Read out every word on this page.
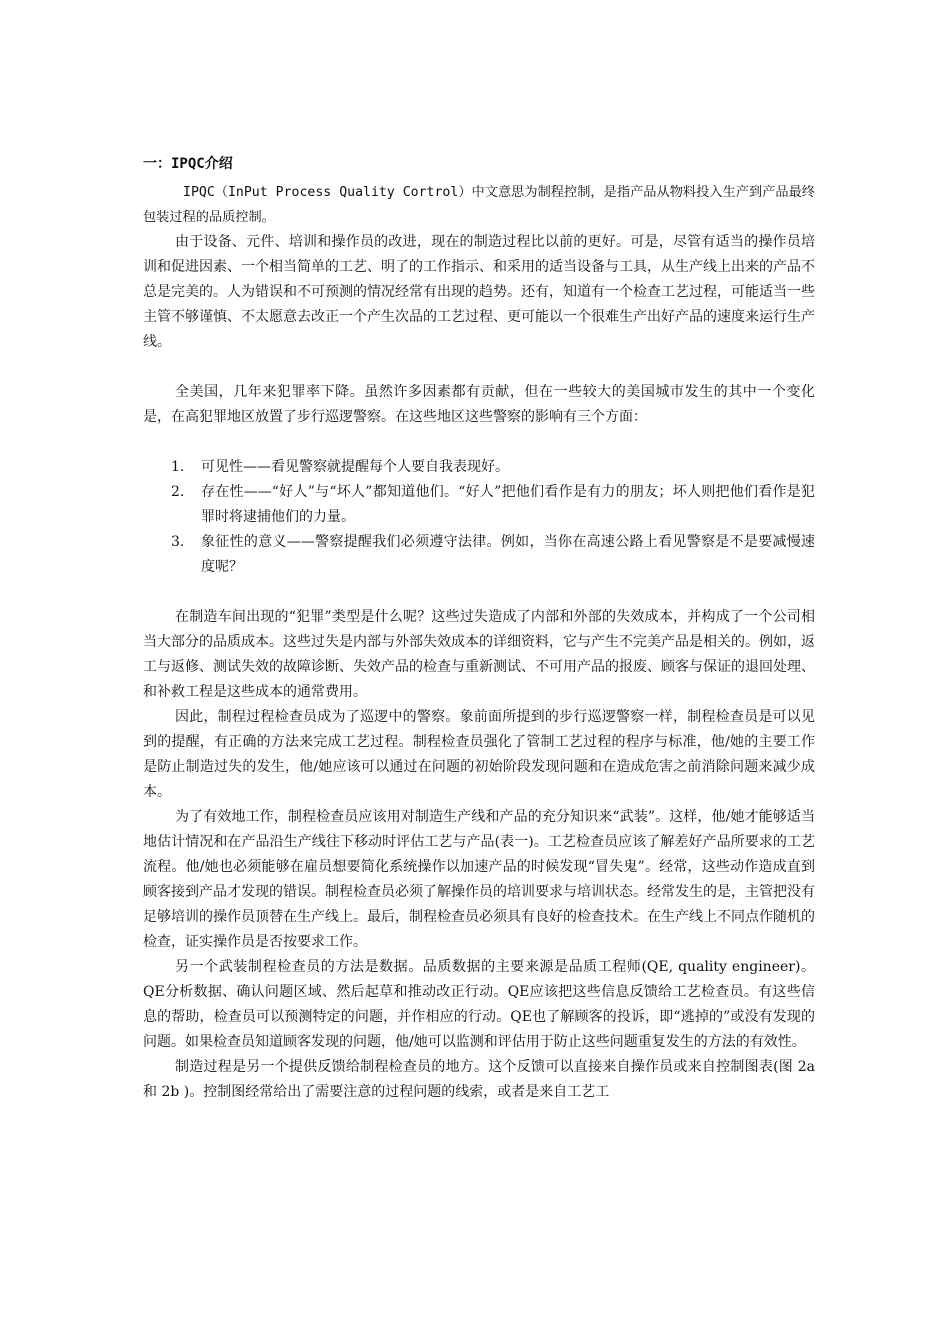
一：IPQC介绍

IPQC（InPut Process Quality Cortrol）中文意思为制程控制，是指产品从物料投入生产到产品最终包装过程的品质控制。

由于设备、元件、培训和操作员的改进，现在的制造过程比以前的更好。可是，尽管有适当的操作员培训和促进因素、一个相当简单的工艺、明了的工作指示、和采用的适当设备与工具，从生产线上出来的产品不总是完美的。人为错误和不可预测的情况经常有出现的趋势。还有，知道有一个检查工艺过程，可能适当一些主管不够谨慎、不太愿意去改正一个产生次品的工艺过程、更可能以一个很难生产出好产品的速度来运行生产线。

全美国，几年来犯罪率下降。虽然许多因素都有贡献，但在一些较大的美国城市发生的其中一个变化是，在高犯罪地区放置了步行巡逻警察。在这些地区这些警察的影响有三个方面：

1. 可见性——看见警察就提醒每个人要自我表现好。
2. 存在性——“好人”与“坏人”都知道他们。“好人”把他们看作是有力的朋友；坏人则把他们看作是犯罪时将逮捕他们的力量。
3. 象征性的意义——警察提醒我们必须遵守法律。例如，当你在高速公路上看见警察是不是要减慢速度呢？

在制造车间出现的“犯罪”类型是什么呢？这些过失造成了内部和外部的失效成本，并构成了一个公司相当大部分的品质成本。这些过失是内部与外部失效成本的详细资料，它与产生不完美产品是相关的。例如，返工与返修、测试失效的故障诊断、失效产品的检查与重新测试、不可用产品的报废、顾客与保证的退回处理、和补救工程是这些成本的通常费用。

因此，制程过程检查员成为了巡逻中的警察。象前面所提到的步行巡逻警察一样，制程检查员是可以见到的提醒，有正确的方法来完成工艺过程。制程检查员强化了管制工艺过程的程序与标准，他/她的主要工作是防止制造过失的发生，他/她应该可以通过在问题的初始阶段发现问题和在造成危害之前消除问题来减少成本。

为了有效地工作，制程检查员应该用对制造生产线和产品的充分知识来“武装”。这样，他/她才能够适当地估计情况和在产品沿生产线往下移动时评估工艺与产品(表一)。工艺检查员应该了解差好产品所要求的工艺流程。他/她也必须能够在雇员想要简化系统操作以加速产品的时候发现“冒失鬼”。经常，这些动作造成直到顾客接到产品才发现的错误。制程检查员必须了解操作员的培训要求与培训状态。经常发生的是，主管把没有足够培训的操作员顶替在生产线上。最后，制程检查员必须具有良好的检查技术。在生产线上不同点作随机的检查，证实操作员是否按要求工作。

另一个武装制程检查员的方法是数据。品质数据的主要来源是品质工程师(QE, quality engineer)。QE分析数据、确认问题区域、然后起草和推动改正行动。QE应该把这些信息反馈给工艺检查员。有这些信息的帮助，检查员可以预测特定的问题，并作相应的行动。QE也了解顾客的投诉，即“逃掉的”或没有发现的问题。如果检查员知道顾客发现的问题，他/她可以监测和评估用于防止这些问题重复发生的方法的有效性。

制造过程是另一个提供反馈给制程检查员的地方。这个反馈可以直接来自操作员或来自控制图表(图 2a 和 2b )。控制图经常给出了需要注意的过程问题的线索，或者是来自工艺工
